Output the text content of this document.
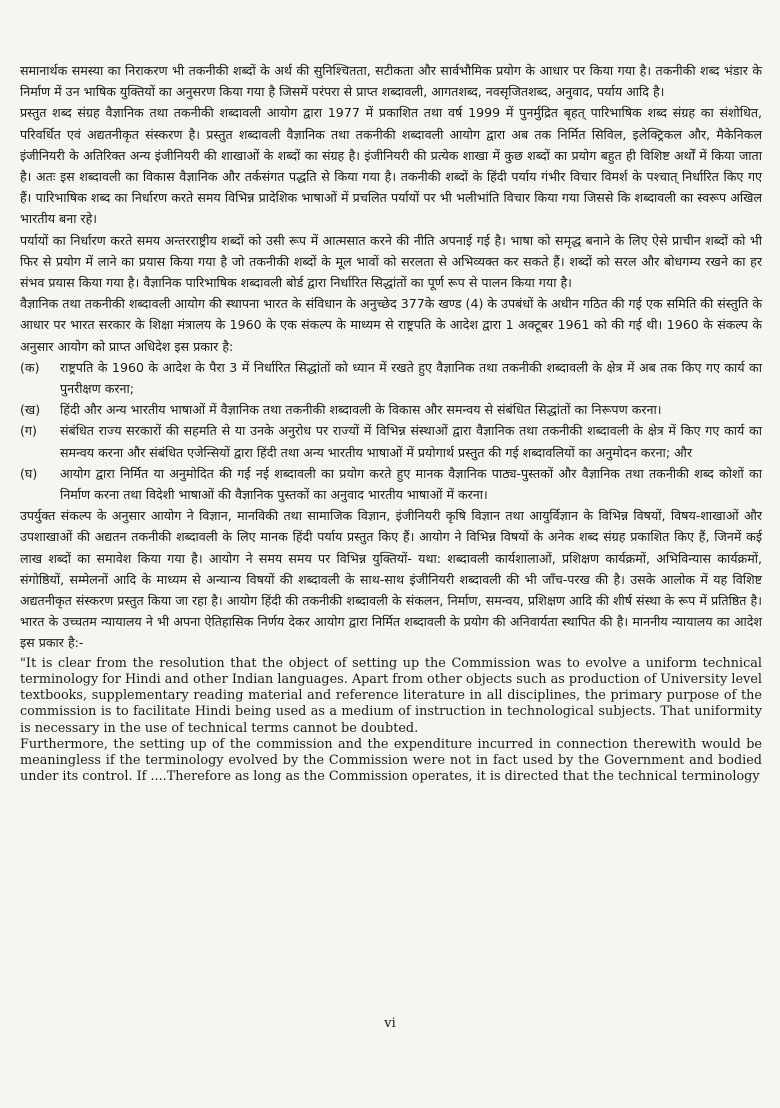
समानार्थक समस्या का निराकरण भी तकनीकी शब्दों के अर्थ की सुनिश्चितता, सटीकता और सार्वभौमिक प्रयोग के आधार पर किया गया है। तकनीकी शब्द भंडार के निर्माण में उन भाषिक युक्तियों का अनुसरण किया गया है जिसमें परंपरा से प्राप्त शब्दावली, आगतशब्द, नवसृजितशब्द, अनुवाद, पर्याय आदि है।

प्रस्तुत शब्द संग्रह वैज्ञानिक तथा तकनीकी शब्दावली आयोग द्वारा 1977 में प्रकाशित तथा वर्ष 1999 में पुनर्मुद्रित बृहत् पारिभाषिक शब्द संग्रह का संशोधित, परिवर्धित एवं अद्यतनीकृत संस्करण है। प्रस्तुत शब्दावली वैज्ञानिक तथा तकनीकी शब्दावली आयोग द्वारा अब तक निर्मित सिविल, इलेक्ट्रिकल और, मैकेनिकल इंजीनियरी के अतिरिक्त अन्य इंजीनियरी की शाखाओं के शब्दों का संग्रह है। इंजीनियरी की प्रत्येक शाखा में कुछ शब्दों का प्रयोग बहुत ही विशिष्ट अर्थों में किया जाता है। अतः इस शब्दावली का विकास वैज्ञानिक और तर्कसंगत पद्धति से किया गया है। तकनीकी शब्दों के हिंदी पर्याय गंभीर विचार विमर्श के पश्चात् निर्धारित किए गए हैं। पारिभाषिक शब्द का निर्धारण करते समय विभिन्न प्रादेशिक भाषाओं में प्रचलित पर्यायों पर भी भलीभांति विचार किया गया जिससे कि शब्दावली का स्वरूप अखिल भारतीय बना रहे।

पर्यायों का निर्धारण करते समय अन्तरराष्ट्रीय शब्दों को उसी रूप में आत्मसात करने की नीति अपनाई गई है। भाषा को समृद्ध बनाने के लिए ऐसे प्राचीन शब्दों को भी फिर से प्रयोग में लाने का प्रयास किया गया है जो तकनीकी शब्दों के मूल भावों को सरलता से अभिव्यक्त कर सकते हैं। शब्दों को सरल और बोधगम्य रखने का हर संभव प्रयास किया गया है। वैज्ञानिक पारिभाषिक शब्दावली बोर्ड द्वारा निर्धारित सिद्धांतों का पूर्ण रूप से पालन किया गया है।

वैज्ञानिक तथा तकनीकी शब्दावली आयोग की स्थापना भारत के संविधान के अनुच्छेद 377के खण्ड (4) के उपबंधों के अधीन गठित की गई एक समिति की संस्तुति के आधार पर भारत सरकार के शिक्षा मंत्रालय के 1960 के एक संकल्प के माध्यम से राष्ट्रपति के आदेश द्वारा 1 अक्टूबर 1961 को की गई थी। 1960 के संकल्प के अनुसार आयोग को प्राप्त अधिदेश इस प्रकार है:

(क)	राष्ट्रपति के 1960 के आदेश के पैरा 3 में निर्धारित सिद्धांतों को ध्यान में रखते हुए वैज्ञानिक तथा तकनीकी शब्दावली के क्षेत्र में अब तक किए गए कार्य का पुनरीक्षण करना;
(ख)	हिंदी और अन्य भारतीय भाषाओं में वैज्ञानिक तथा तकनीकी शब्दावली के विकास और समन्वय से संबंधित सिद्धांतों का निरूपण करना।
(ग)	संबंधित राज्य सरकारों की सहमति से या उनके अनुरोध पर राज्यों में विभिन्न संस्थाओं द्वारा वैज्ञानिक तथा तकनीकी शब्दावली के क्षेत्र में किए गए कार्य का समन्वय करना और संबंधित एजेन्सियों द्वारा हिंदी तथा अन्य भारतीय भाषाओं में प्रयोगार्थ प्रस्तुत की गई शब्दावलियों का अनुमोदन करना; और
(घ)	आयोग द्वारा निर्मित या अनुमोदित की गई नई शब्दावली का प्रयोग करते हुए मानक वैज्ञानिक पाठ्य-पुस्तकों और वैज्ञानिक तथा तकनीकी शब्द कोशों का निर्माण करना तथा विदेशी भाषाओं की वैज्ञानिक पुस्तकों का अनुवाद भारतीय भाषाओं में करना।

उपर्युक्त संकल्प के अनुसार आयोग ने विज्ञान, मानविकी तथा सामाजिक विज्ञान, इंजीनियरी कृषि विज्ञान तथा आयुर्विज्ञान के विभिन्न विषयों, विषय-शाखाओं और उपशाखाओं की अद्यतन तकनीकी शब्दावली के लिए मानक हिंदी पर्याय प्रस्तुत किए हैं। आयोग ने विभिन्न विषयों के अनेक शब्द संग्रह प्रकाशित किए हैं, जिनमें कई लाख शब्दों का समावेश किया गया है। आयोग ने समय समय पर विभिन्न युक्तियों- यथा: शब्दावली कार्यशालाओं, प्रशिक्षण कार्यक्रमों, अभिविन्यास कार्यक्रमों, संगोष्ठियों, सम्मेलनों आदि के माध्यम से अन्यान्य विषयों की शब्दावली के साथ-साथ इंजीनियरी शब्दावली की भी जाँच-परख की है। उसके आलोक में यह विशिष्ट अद्यतनीकृत संस्करण प्रस्तुत किया जा रहा है। आयोग हिंदी की तकनीकी शब्दावली के संकलन, निर्माण, समन्वय, प्रशिक्षण आदि की शीर्ष संस्था के रूप में प्रतिष्ठित है। भारत के उच्चतम न्यायालय ने भी अपना ऐतिहासिक निर्णय देकर आयोग द्वारा निर्मित शब्दावली के प्रयोग की अनिवार्यता स्थापित की है। माननीय न्यायालय का आदेश इस प्रकार है:-

"It is clear from the resolution that the object of setting up the Commission was to evolve a uniform technical terminology for Hindi and other Indian languages. Apart from other objects such as production of University level textbooks, supplementary reading material and reference literature in all disciplines, the primary purpose of the commission is to facilitate Hindi being used as a medium of instruction in technological subjects. That uniformity is necessary in the use of technical terms cannot be doubted.

Furthermore, the setting up of the commission and the expenditure incurred in connection therewith would be meaningless if the terminology evolved by the Commission were not in fact used by the Government and bodied under its control. If ....Therefore as long as the Commission operates, it is directed that the technical terminology

vi
